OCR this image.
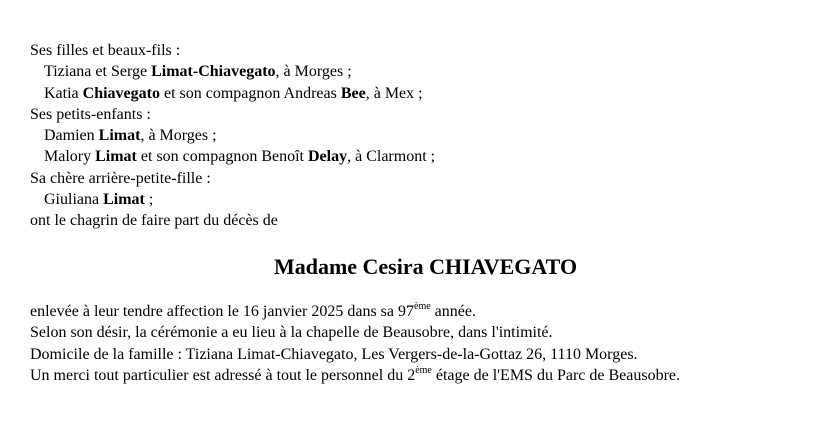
Ses filles et beaux-fils :
Tiziana et Serge Limat-Chiavegato, à Morges ;
Katia Chiavegato et son compagnon Andreas Bee, à Mex ;
Ses petits-enfants :
Damien Limat, à Morges ;
Malory Limat et son compagnon Benoît Delay, à Clarmont ;
Sa chère arrière-petite-fille :
Giuliana Limat ;
ont le chagrin de faire part du décès de
Madame Cesira CHIAVEGATO
enlevée à leur tendre affection le 16 janvier 2025 dans sa 97ème année.
Selon son désir, la cérémonie a eu lieu à la chapelle de Beausobre, dans l'intimité.
Domicile de la famille : Tiziana Limat-Chiavegato, Les Vergers-de-la-Gottaz 26, 1110 Morges.
Un merci tout particulier est adressé à tout le personnel du 2ème étage de l'EMS du Parc de Beausobre.
